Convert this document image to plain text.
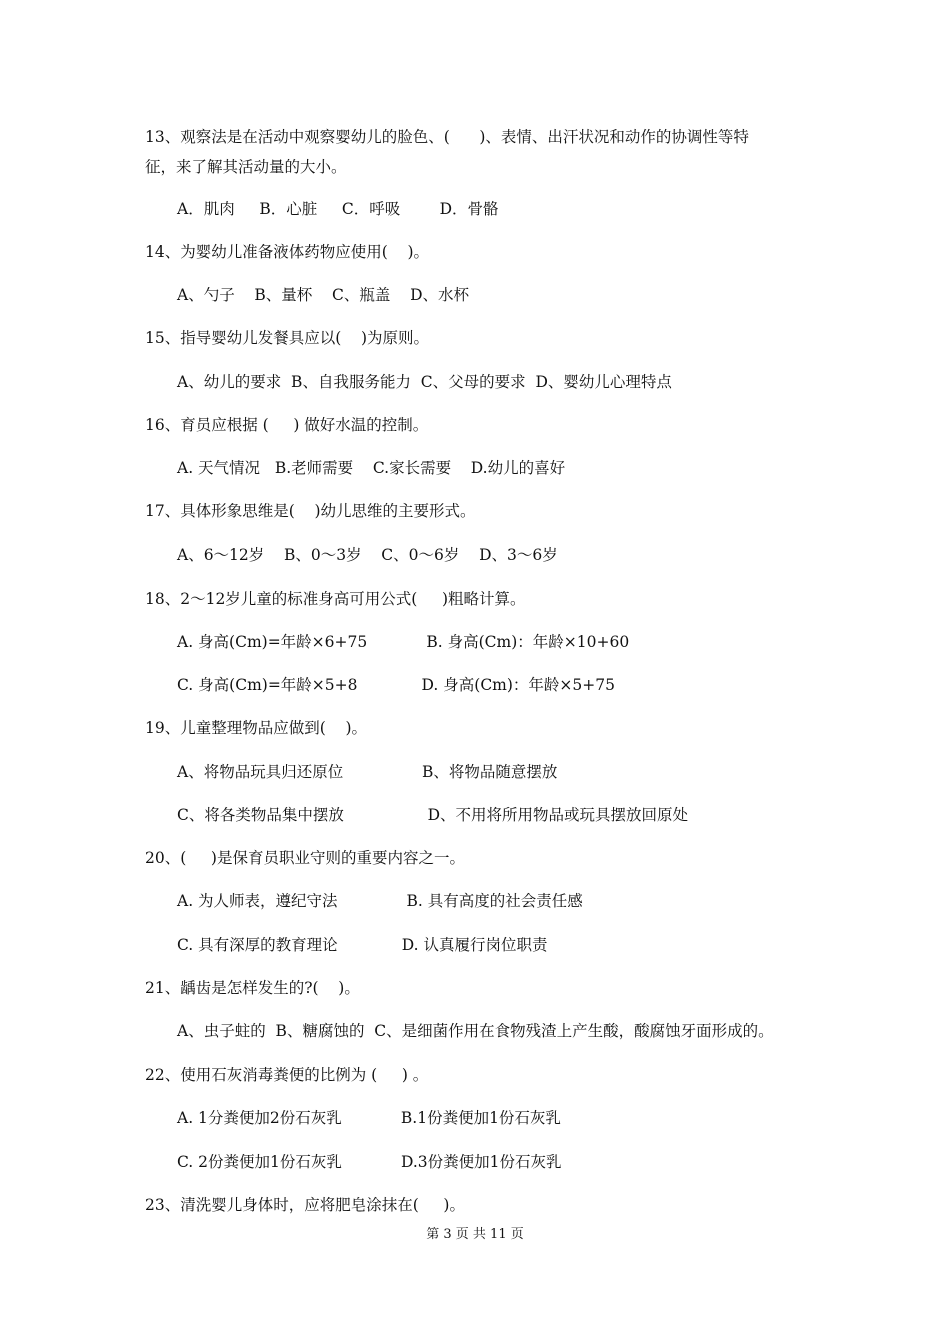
13、观察法是在活动中观察婴幼儿的脸色、(      )、表情、出汗状况和动作的协调性等特
征，来了解其活动量的大小。
A．肌肉     B．心脏     C．呼吸        D．骨骼
14、为婴幼儿准备液体药物应使用(    )。
A、勺子    B、量杯    C、瓶盖    D、水杯
15、指导婴幼儿发餐具应以(    )为原则。
A、幼儿的要求  B、自我服务能力  C、父母的要求  D、婴幼儿心理特点
16、育员应根据 (     ) 做好水温的控制。
A. 天气情况   B.老师需要    C.家长需要    D.幼儿的喜好
17、具体形象思维是(    )幼儿思维的主要形式。
A、6～12岁    B、0～3岁    C、0～6岁    D、3～6岁
18、2～12岁儿童的标准身高可用公式(     )粗略计算。
A. 身高(Cm)=年龄×6+75            B. 身高(Cm)：年龄×10+60
C. 身高(Cm)=年龄×5+8             D. 身高(Cm)：年龄×5+75
19、儿童整理物品应做到(    )。
A、将物品玩具归还原位                B、将物品随意摆放
C、将各类物品集中摆放                 D、不用将所用物品或玩具摆放回原处
20、(     )是保育员职业守则的重要内容之一。
A. 为人师表，遵纪守法              B. 具有高度的社会责任感
C. 具有深厚的教育理论             D. 认真履行岗位职责
21、龋齿是怎样发生的?(    )。
A、虫子蛀的  B、糖腐蚀的  C、是细菌作用在食物残渣上产生酸，酸腐蚀牙面形成的。
22、使用石灰消毒粪便的比例为 (     ) 。
A. 1分粪便加2份石灰乳            B.1份粪便加1份石灰乳
C. 2份粪便加1份石灰乳            D.3份粪便加1份石灰乳
23、清洗婴儿身体时，应将肥皂涂抹在(     )。
第 3 页 共 11 页
